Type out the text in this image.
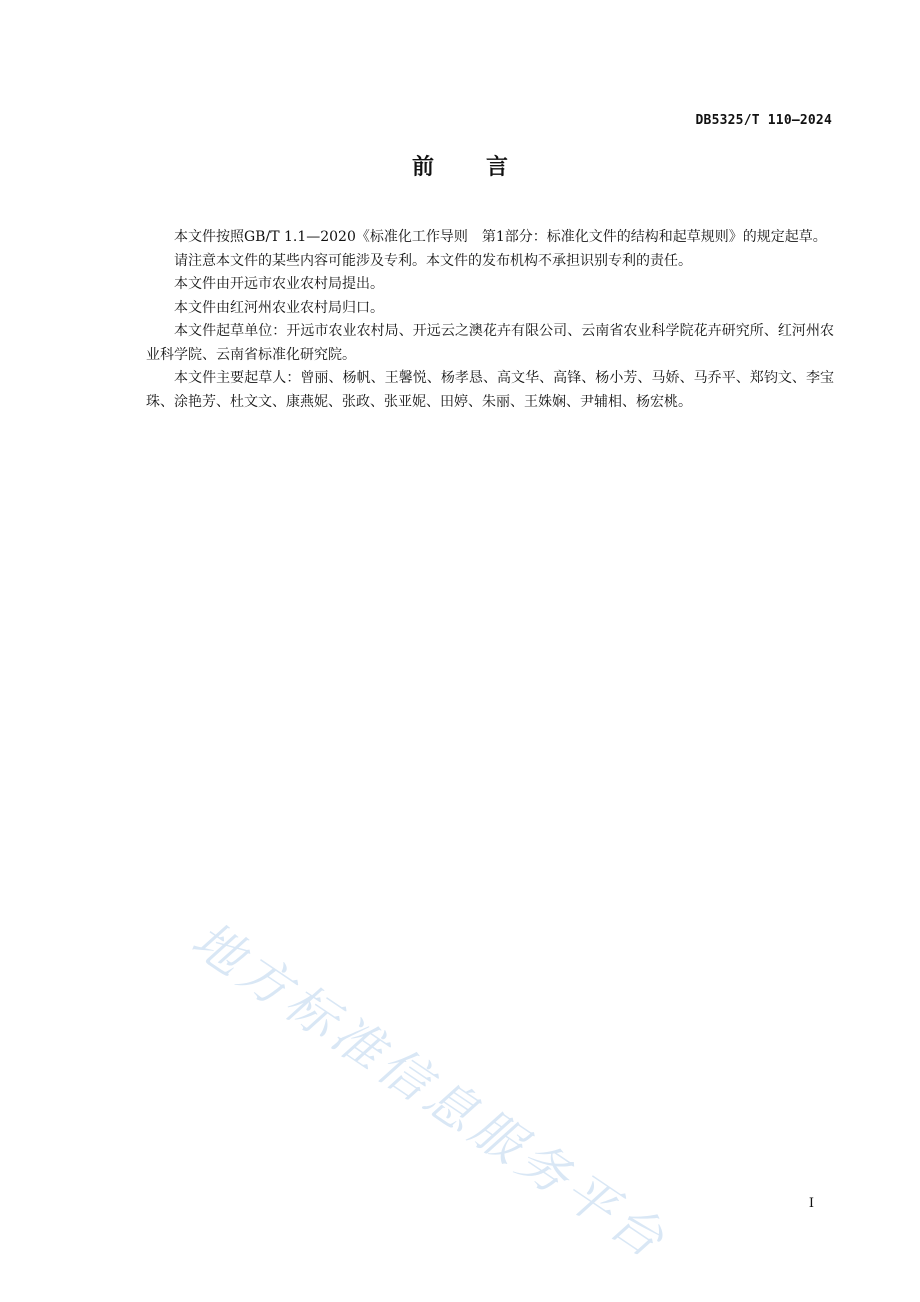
DB5325/T 110—2024
前言

本文件按照GB/T 1.1—2020《标准化工作导则　第1部分：标准化文件的结构和起草规则》的规定起草。

请注意本文件的某些内容可能涉及专利。本文件的发布机构不承担识别专利的责任。

本文件由开远市农业农村局提出。

本文件由红河州农业农村局归口。

本文件起草单位：开远市农业农村局、开远云之澳花卉有限公司、云南省农业科学院花卉研究所、红河州农业科学院、云南省标准化研究院。

本文件主要起草人：曾丽、杨帆、王馨悦、杨孝恳、高文华、高锋、杨小芳、马娇、马乔平、郑钧文、李宝珠、涂艳芳、杜文文、康燕妮、张政、张亚妮、田婷、朱丽、王姝娴、尹辅相、杨宏桃。

地方标准信息服务平台	I
